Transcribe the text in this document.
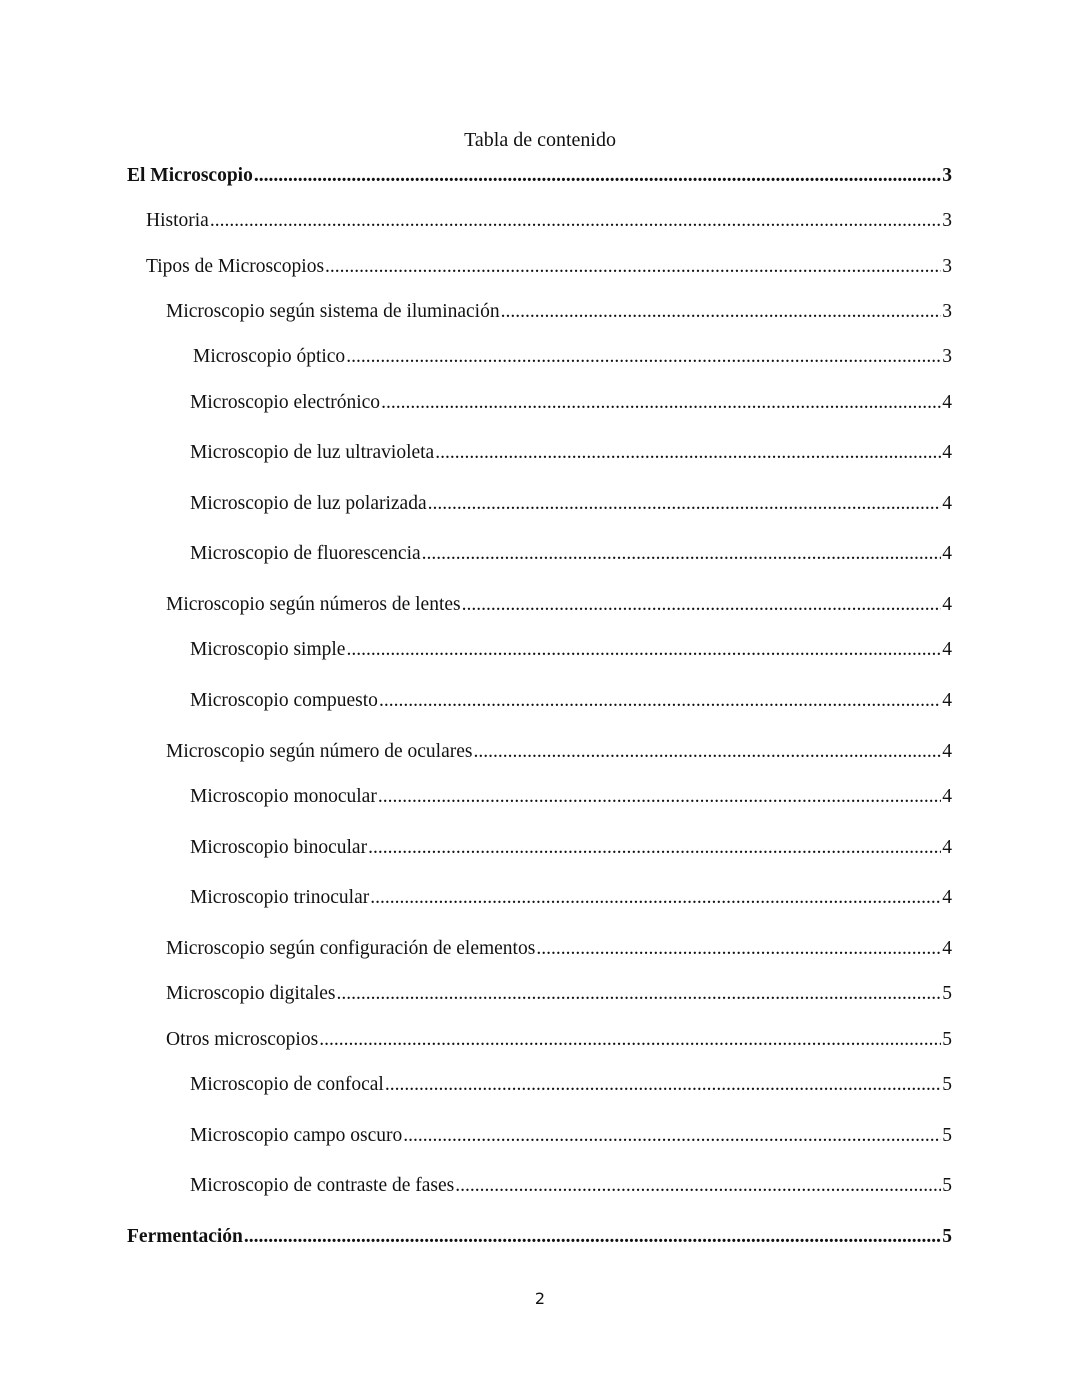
Tabla de contenido
El Microscopio .....	3
Historia .....	3
Tipos de Microscopios .....	3
Microscopio según sistema de iluminación .....	3
Microscopio óptico .....	3
Microscopio electrónico .....	4
Microscopio de luz ultravioleta .....	4
Microscopio de luz polarizada .....	4
Microscopio de fluorescencia .....	4
Microscopio según números de lentes .....	4
Microscopio simple .....	4
Microscopio compuesto .....	4
Microscopio según número de oculares .....	4
Microscopio monocular .....	4
Microscopio binocular .....	4
Microscopio trinocular .....	4
Microscopio según configuración de elementos .....	4
Microscopio digitales .....	5
Otros microscopios .....	5
Microscopio de confocal .....	5
Microscopio campo oscuro .....	5
Microscopio de contraste de fases .....	5
Fermentación .....	5
2
